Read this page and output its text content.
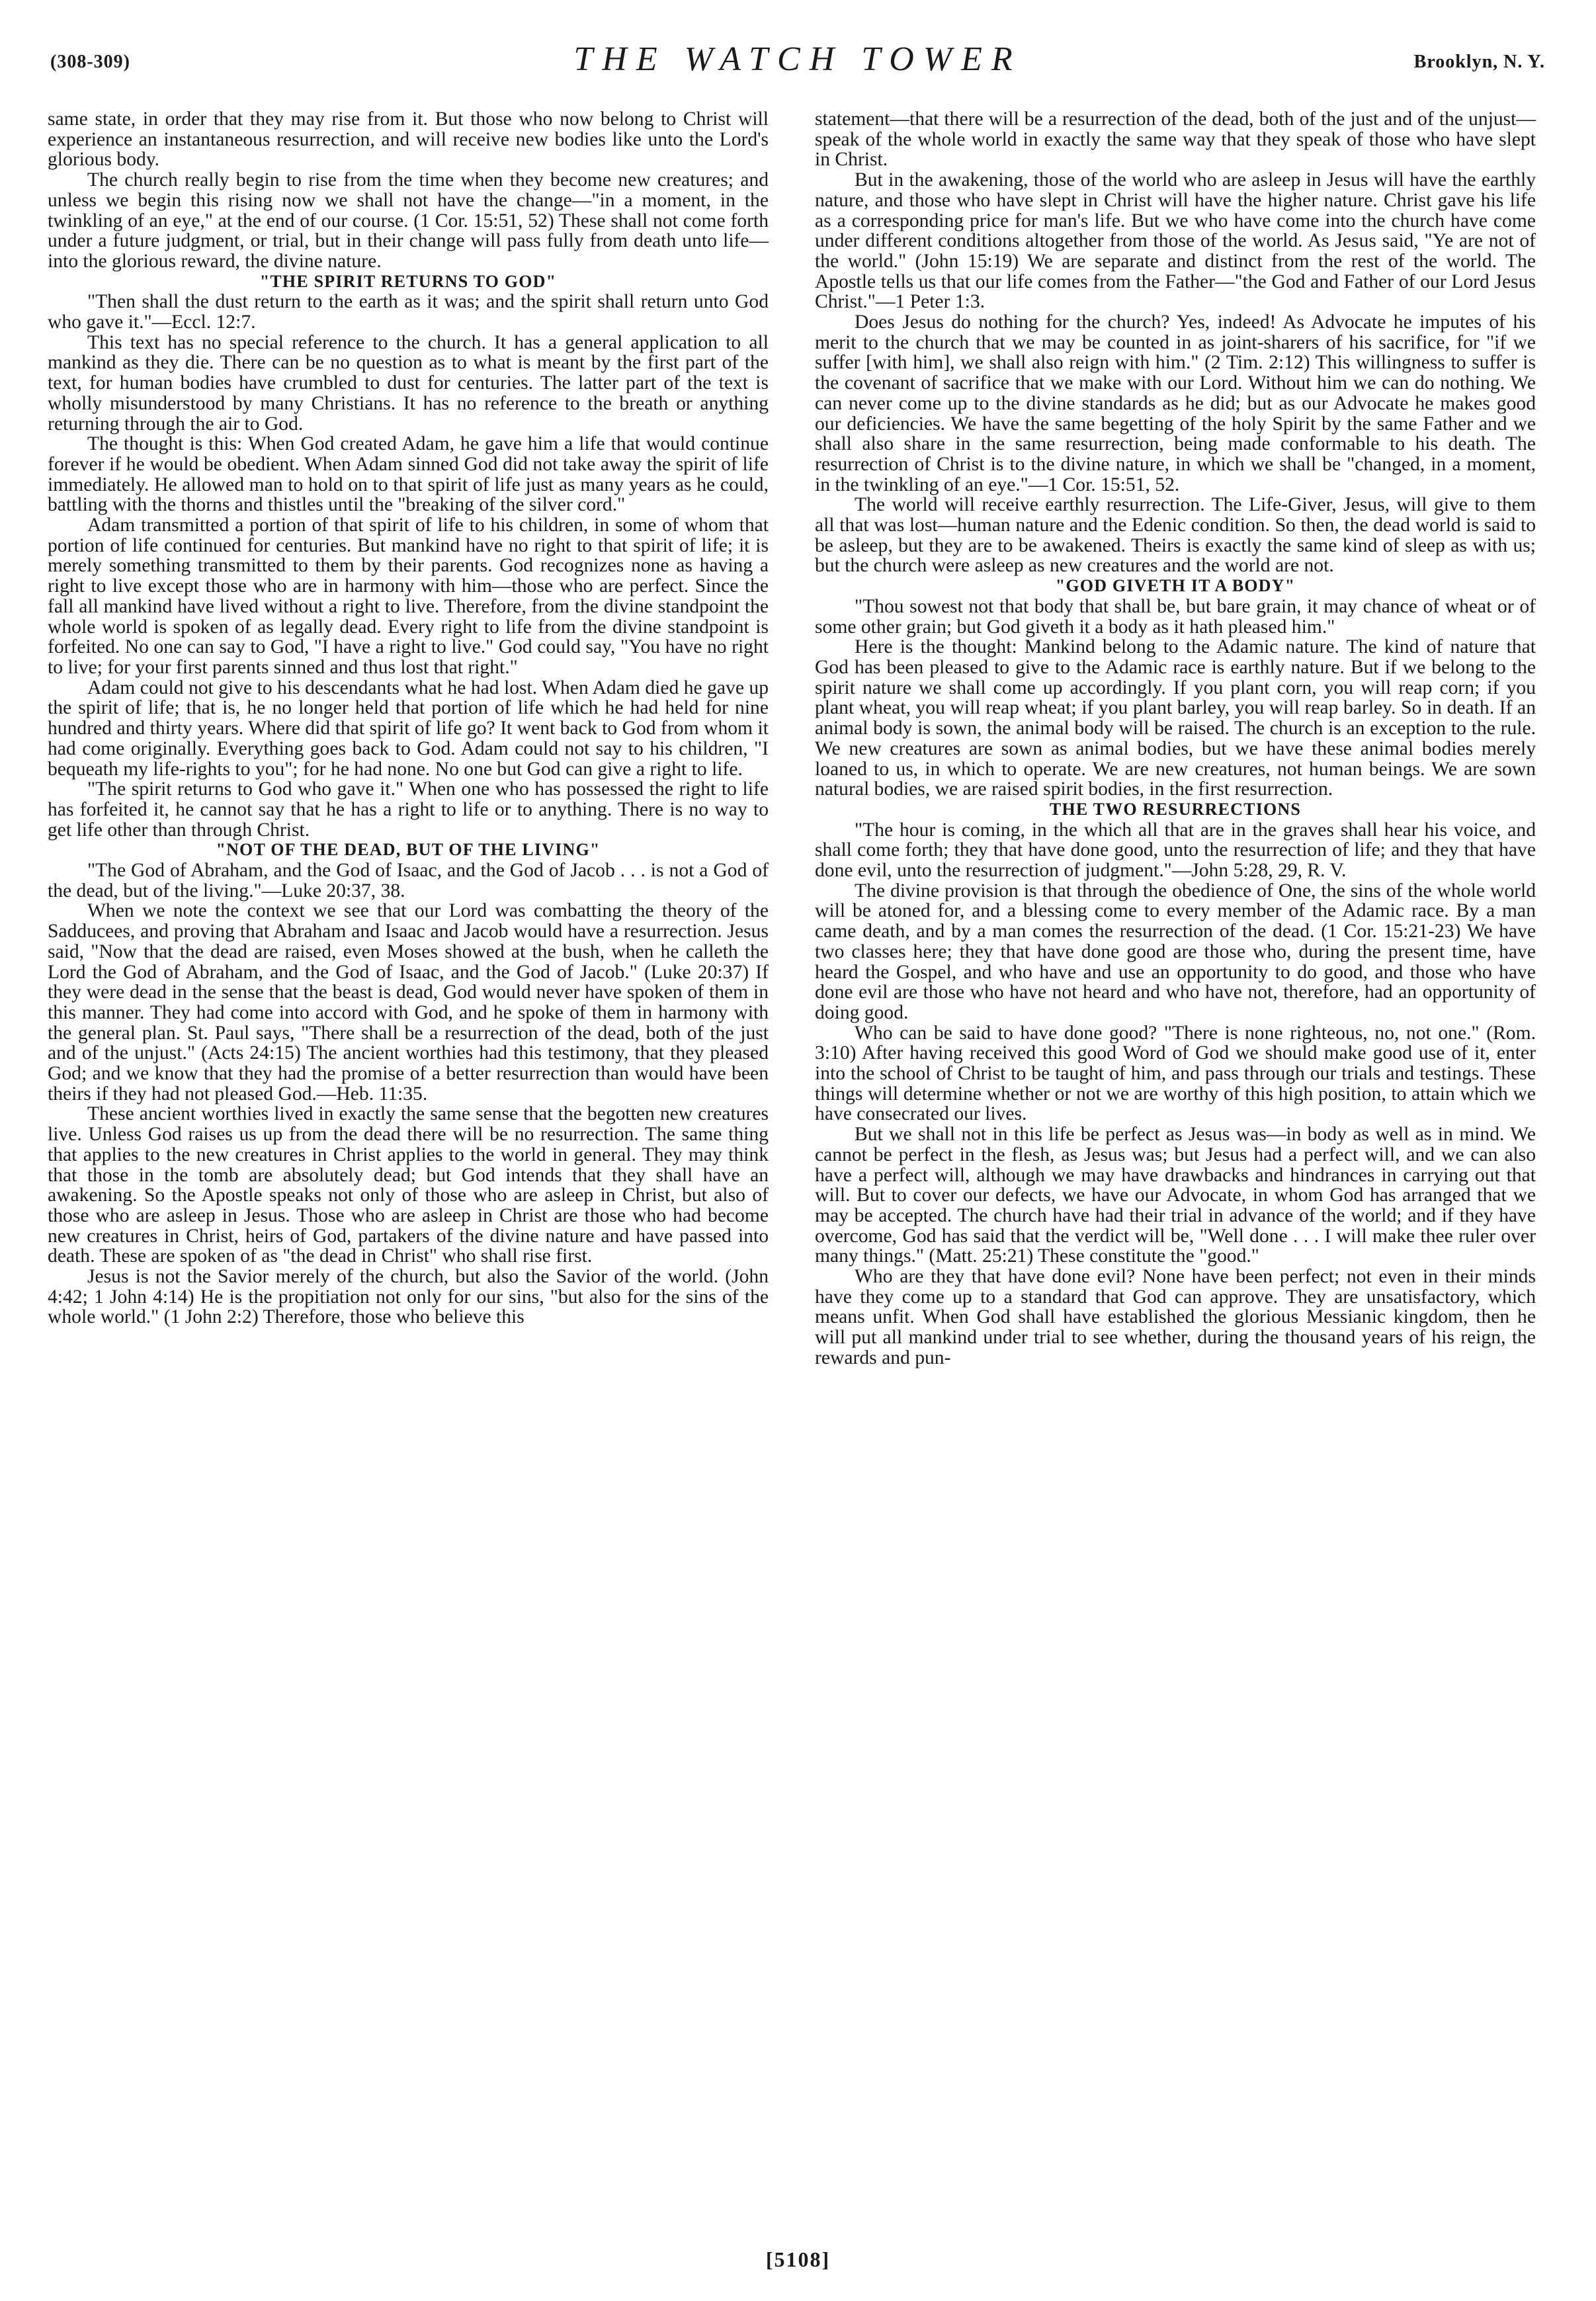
(308-309)	THE WATCH TOWER	Brooklyn, N. Y.

same state, in order that they may rise from it. But those who now belong to Christ will experience an instantaneous resurrection, and will receive new bodies like unto the Lord's glorious body.

The church really begin to rise from the time when they become new creatures; and unless we begin this rising now we shall not have the change—"in a moment, in the twinkling of an eye," at the end of our course. (1 Cor. 15:51, 52) These shall not come forth under a future judgment, or trial, but in their change will pass fully from death unto life—into the glorious reward, the divine nature.

"THE SPIRIT RETURNS TO GOD"

"Then shall the dust return to the earth as it was; and the spirit shall return unto God who gave it."—Eccl. 12:7.

This text has no special reference to the church. It has a general application to all mankind as they die. There can be no question as to what is meant by the first part of the text, for human bodies have crumbled to dust for centuries. The latter part of the text is wholly misunderstood by many Christians. It has no reference to the breath or anything returning through the air to God.

The thought is this: When God created Adam, he gave him a life that would continue forever if he would be obedient. When Adam sinned God did not take away the spirit of life immediately. He allowed man to hold on to that spirit of life just as many years as he could, battling with the thorns and thistles until the "breaking of the silver cord."

Adam transmitted a portion of that spirit of life to his children, in some of whom that portion of life continued for centuries. But mankind have no right to that spirit of life; it is merely something transmitted to them by their parents. God recognizes none as having a right to live except those who are in harmony with him—those who are perfect. Since the fall all mankind have lived without a right to live. Therefore, from the divine standpoint the whole world is spoken of as legally dead. Every right to life from the divine standpoint is forfeited. No one can say to God, "I have a right to live." God could say, "You have no right to live; for your first parents sinned and thus lost that right."

Adam could not give to his descendants what he had lost. When Adam died he gave up the spirit of life; that is, he no longer held that portion of life which he had held for nine hundred and thirty years. Where did that spirit of life go? It went back to God from whom it had come originally. Everything goes back to God. Adam could not say to his children, "I bequeath my life-rights to you"; for he had none. No one but God can give a right to life.

"The spirit returns to God who gave it." When one who has possessed the right to life has forfeited it, he cannot say that he has a right to life or to anything. There is no way to get life other than through Christ.

"NOT OF THE DEAD, BUT OF THE LIVING"

"The God of Abraham, and the God of Isaac, and the God of Jacob . . . is not a God of the dead, but of the living."—Luke 20:37, 38.

When we note the context we see that our Lord was combatting the theory of the Sadducees, and proving that Abraham and Isaac and Jacob would have a resurrection. Jesus said, "Now that the dead are raised, even Moses showed at the bush, when he calleth the Lord the God of Abraham, and the God of Isaac, and the God of Jacob." (Luke 20:37) If they were dead in the sense that the beast is dead, God would never have spoken of them in this manner. They had come into accord with God, and he spoke of them in harmony with the general plan. St. Paul says, "There shall be a resurrection of the dead, both of the just and of the unjust." (Acts 24:15) The ancient worthies had this testimony, that they pleased God; and we know that they had the promise of a better resurrection than would have been theirs if they had not pleased God.—Heb. 11:35.

These ancient worthies lived in exactly the same sense that the begotten new creatures live. Unless God raises us up from the dead there will be no resurrection. The same thing that applies to the new creatures in Christ applies to the world in general. They may think that those in the tomb are absolutely dead; but God intends that they shall have an awakening. So the Apostle speaks not only of those who are asleep in Christ, but also of those who are asleep in Jesus. Those who are asleep in Christ are those who had become new creatures in Christ, heirs of God, partakers of the divine nature and have passed into death. These are spoken of as "the dead in Christ" who shall rise first.

Jesus is not the Savior merely of the church, but also the Savior of the world. (John 4:42; 1 John 4:14) He is the propitiation not only for our sins, "but also for the sins of the whole world." (1 John 2:2) Therefore, those who believe this

statement—that there will be a resurrection of the dead, both of the just and of the unjust—speak of the whole world in exactly the same way that they speak of those who have slept in Christ.

But in the awakening, those of the world who are asleep in Jesus will have the earthly nature, and those who have slept in Christ will have the higher nature. Christ gave his life as a corresponding price for man's life. But we who have come into the church have come under different conditions altogether from those of the world. As Jesus said, "Ye are not of the world." (John 15:19) We are separate and distinct from the rest of the world. The Apostle tells us that our life comes from the Father—"the God and Father of our Lord Jesus Christ."—1 Peter 1:3.

Does Jesus do nothing for the church? Yes, indeed! As Advocate he imputes of his merit to the church that we may be counted in as joint-sharers of his sacrifice, for "if we suffer [with him], we shall also reign with him." (2 Tim. 2:12) This willingness to suffer is the covenant of sacrifice that we make with our Lord. Without him we can do nothing. We can never come up to the divine standards as he did; but as our Advocate he makes good our deficiencies. We have the same begetting of the holy Spirit by the same Father and we shall also share in the same resurrection, being made conformable to his death. The resurrection of Christ is to the divine nature, in which we shall be "changed, in a moment, in the twinkling of an eye."—1 Cor. 15:51, 52.

The world will receive earthly resurrection. The Life-Giver, Jesus, will give to them all that was lost—human nature and the Edenic condition. So then, the dead world is said to be asleep, but they are to be awakened. Theirs is exactly the same kind of sleep as with us; but the church were asleep as new creatures and the world are not.

"GOD GIVETH IT A BODY"

"Thou sowest not that body that shall be, but bare grain, it may chance of wheat or of some other grain; but God giveth it a body as it hath pleased him."

Here is the thought: Mankind belong to the Adamic nature. The kind of nature that God has been pleased to give to the Adamic race is earthly nature. But if we belong to the spirit nature we shall come up accordingly. If you plant corn, you will reap corn; if you plant wheat, you will reap wheat; if you plant barley, you will reap barley. So in death. If an animal body is sown, the animal body will be raised. The church is an exception to the rule. We new creatures are sown as animal bodies, but we have these animal bodies merely loaned to us, in which to operate. We are new creatures, not human beings. We are sown natural bodies, we are raised spirit bodies, in the first resurrection.

THE TWO RESURRECTIONS

"The hour is coming, in the which all that are in the graves shall hear his voice, and shall come forth; they that have done good, unto the resurrection of life; and they that have done evil, unto the resurrection of judgment."—John 5:28, 29, R. V.

The divine provision is that through the obedience of One, the sins of the whole world will be atoned for, and a blessing come to every member of the Adamic race. By a man came death, and by a man comes the resurrection of the dead. (1 Cor. 15:21-23) We have two classes here; they that have done good are those who, during the present time, have heard the Gospel, and who have and use an opportunity to do good, and those who have done evil are those who have not heard and who have not, therefore, had an opportunity of doing good.

Who can be said to have done good? "There is none righteous, no, not one." (Rom. 3:10) After having received this good Word of God we should make good use of it, enter into the school of Christ to be taught of him, and pass through our trials and testings. These things will determine whether or not we are worthy of this high position, to attain which we have consecrated our lives.

But we shall not in this life be perfect as Jesus was—in body as well as in mind. We cannot be perfect in the flesh, as Jesus was; but Jesus had a perfect will, and we can also have a perfect will, although we may have drawbacks and hindrances in carrying out that will. But to cover our defects, we have our Advocate, in whom God has arranged that we may be accepted. The church have had their trial in advance of the world; and if they have overcome, God has said that the verdict will be, "Well done . . . I will make thee ruler over many things." (Matt. 25:21) These constitute the "good."

Who are they that have done evil? None have been perfect; not even in their minds have they come up to a standard that God can approve. They are unsatisfactory, which means unfit. When God shall have established the glorious Messianic kingdom, then he will put all mankind under trial to see whether, during the thousand years of his reign, the rewards and pun-

[5108]
